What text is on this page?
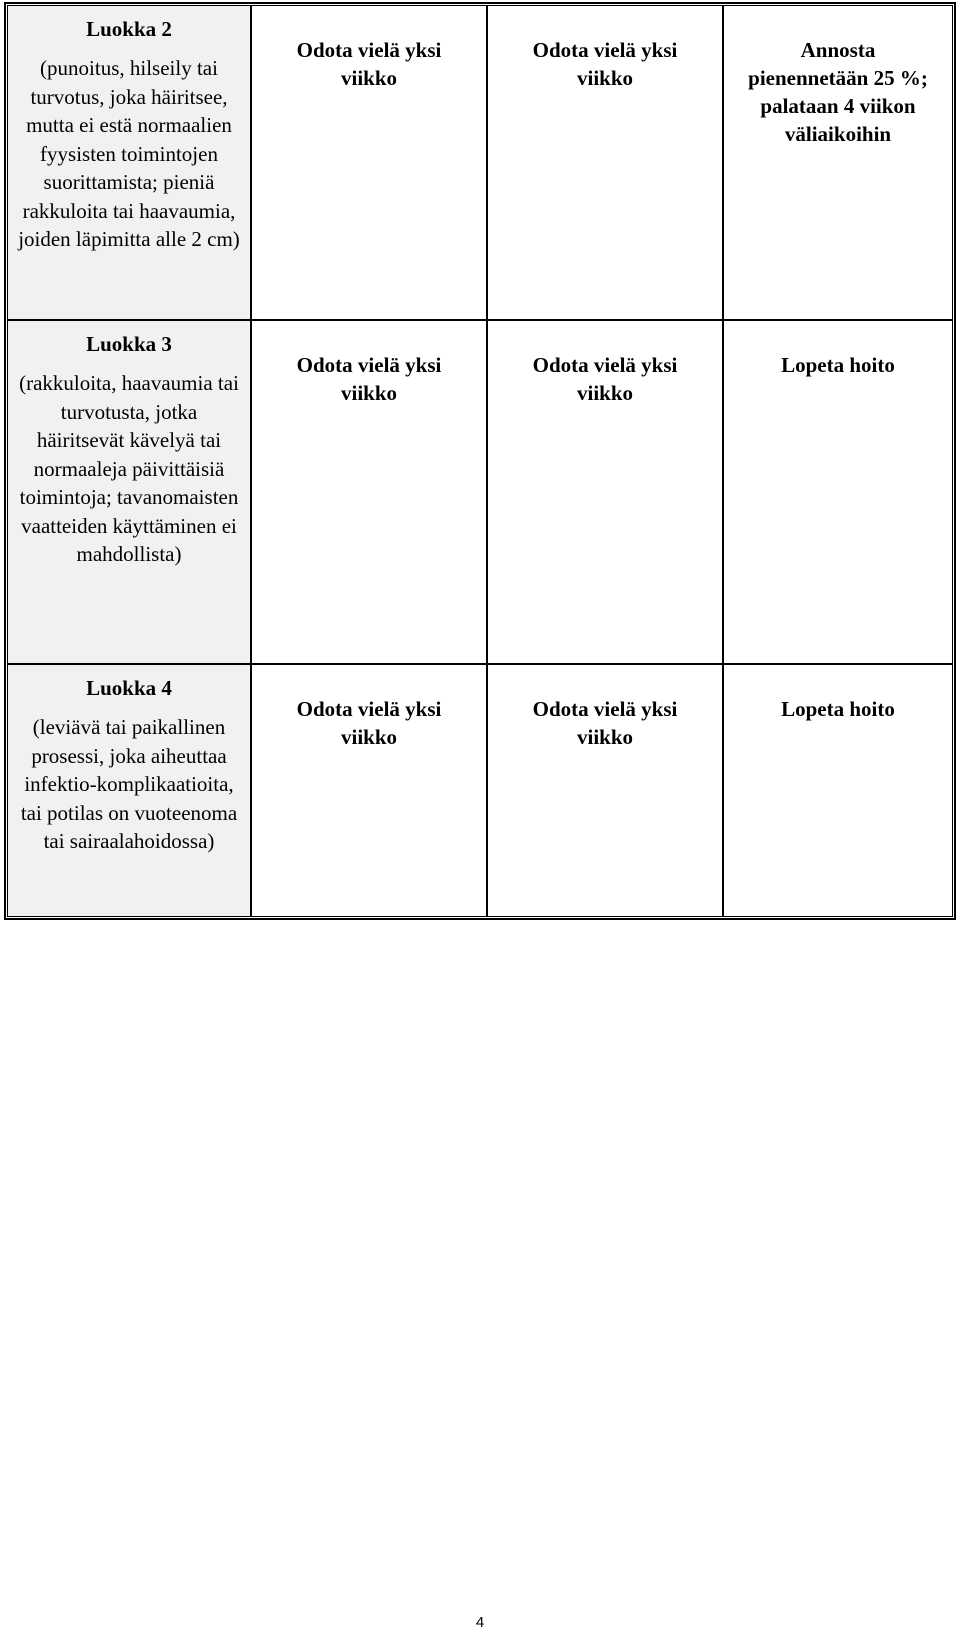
Luokka 2
(punoitus, hilseily tai turvotus, joka häiritsee, mutta ei estä normaalien fyysisten toimintojen suorittamista; pieniä rakkuloita tai haavaumia, joiden läpimitta alle 2 cm)	Odota vielä yksi viikko	Odota vielä yksi viikko	Annosta pienennetään 25 %; palataan 4 viikon väliaikoihin

Luokka 3
(rakkuloita, haavaumia tai turvotusta, jotka häiritsevät kävelyä tai normaaleja päivittäisiä toimintoja; tavanomaisten vaatteiden käyttäminen ei mahdollista)	Odota vielä yksi viikko	Odota vielä yksi viikko	Lopeta hoito

Luokka 4
(leviävä tai paikallinen prosessi, joka aiheuttaa infektio-komplikaatioita, tai potilas on vuoteenoma tai sairaalahoidossa)	Odota vielä yksi viikko	Odota vielä yksi viikko	Lopeta hoito
4
